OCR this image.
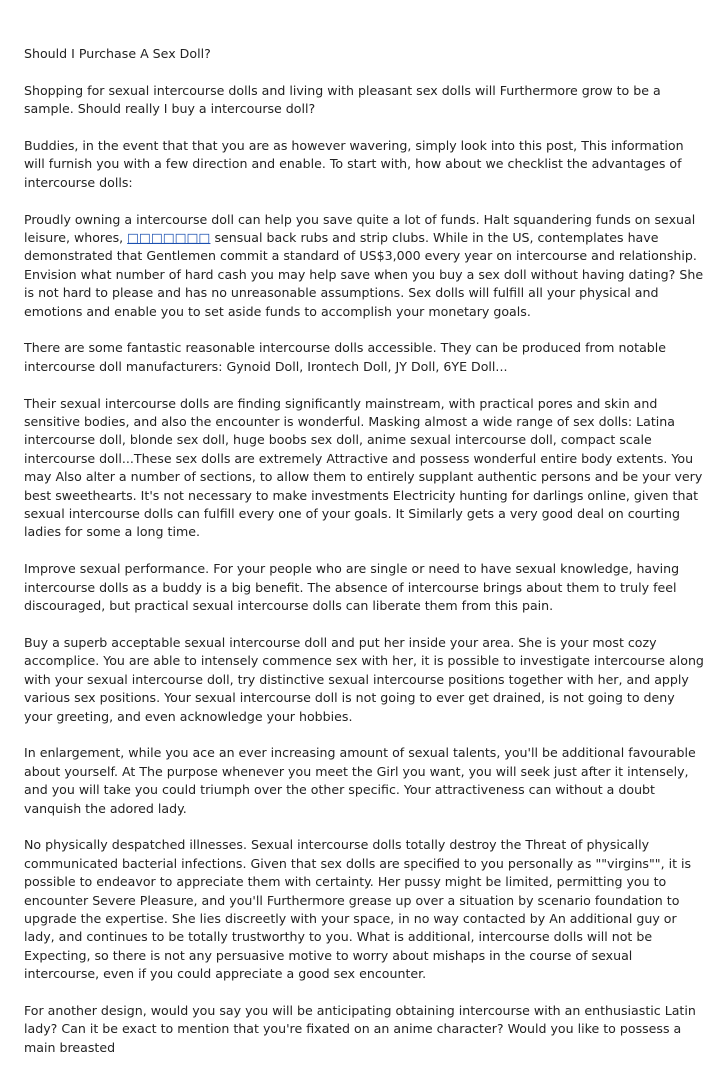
Should I Purchase A Sex Doll?

Shopping for sexual intercourse dolls and living with pleasant sex dolls will Furthermore grow to be a sample. Should really I buy a intercourse doll?

Buddies, in the event that that you are as however wavering, simply look into this post, This information will furnish you with a few direction and enable. To start with, how about we checklist the advantages of intercourse dolls:

Proudly owning a intercourse doll can help you save quite a lot of funds. Halt squandering funds on sexual leisure, whores, □□□□□□□ sensual back rubs and strip clubs. While in the US, contemplates have demonstrated that Gentlemen commit a standard of US$3,000 every year on intercourse and relationship. Envision what number of hard cash you may help save when you buy a sex doll without having dating? She is not hard to please and has no unreasonable assumptions. Sex dolls will fulfill all your physical and emotions and enable you to set aside funds to accomplish your monetary goals.

There are some fantastic reasonable intercourse dolls accessible. They can be produced from notable intercourse doll manufacturers: Gynoid Doll, Irontech Doll, JY Doll, 6YE Doll...

Their sexual intercourse dolls are finding significantly mainstream, with practical pores and skin and sensitive bodies, and also the encounter is wonderful. Masking almost a wide range of sex dolls: Latina intercourse doll, blonde sex doll, huge boobs sex doll, anime sexual intercourse doll, compact scale intercourse doll...These sex dolls are extremely Attractive and possess wonderful entire body extents. You may Also alter a number of sections, to allow them to entirely supplant authentic persons and be your very best sweethearts. It's not necessary to make investments Electricity hunting for darlings online, given that sexual intercourse dolls can fulfill every one of your goals. It Similarly gets a very good deal on courting ladies for some a long time.

Improve sexual performance. For your people who are single or need to have sexual knowledge, having intercourse dolls as a buddy is a big benefit. The absence of intercourse brings about them to truly feel discouraged, but practical sexual intercourse dolls can liberate them from this pain.

Buy a superb acceptable sexual intercourse doll and put her inside your area. She is your most cozy accomplice. You are able to intensely commence sex with her, it is possible to investigate intercourse along with your sexual intercourse doll, try distinctive sexual intercourse positions together with her, and apply various sex positions. Your sexual intercourse doll is not going to ever get drained, is not going to deny your greeting, and even acknowledge your hobbies.

In enlargement, while you ace an ever increasing amount of sexual talents, you'll be additional favourable about yourself. At The purpose whenever you meet the Girl you want, you will seek just after it intensely, and you will take you could triumph over the other specific. Your attractiveness can without a doubt vanquish the adored lady.

No physically despatched illnesses. Sexual intercourse dolls totally destroy the Threat of physically communicated bacterial infections. Given that sex dolls are specified to you personally as ""virgins"", it is possible to endeavor to appreciate them with certainty. Her pussy might be limited, permitting you to encounter Severe Pleasure, and you'll Furthermore grease up over a situation by scenario foundation to upgrade the expertise. She lies discreetly with your space, in no way contacted by An additional guy or lady, and continues to be totally trustworthy to you. What is additional, intercourse dolls will not be Expecting, so there is not any persuasive motive to worry about mishaps in the course of sexual intercourse, even if you could appreciate a good sex encounter.

For another design, would you say you will be anticipating obtaining intercourse with an enthusiastic Latin lady? Can it be exact to mention that you're fixated on an anime character? Would you like to possess a main breasted
